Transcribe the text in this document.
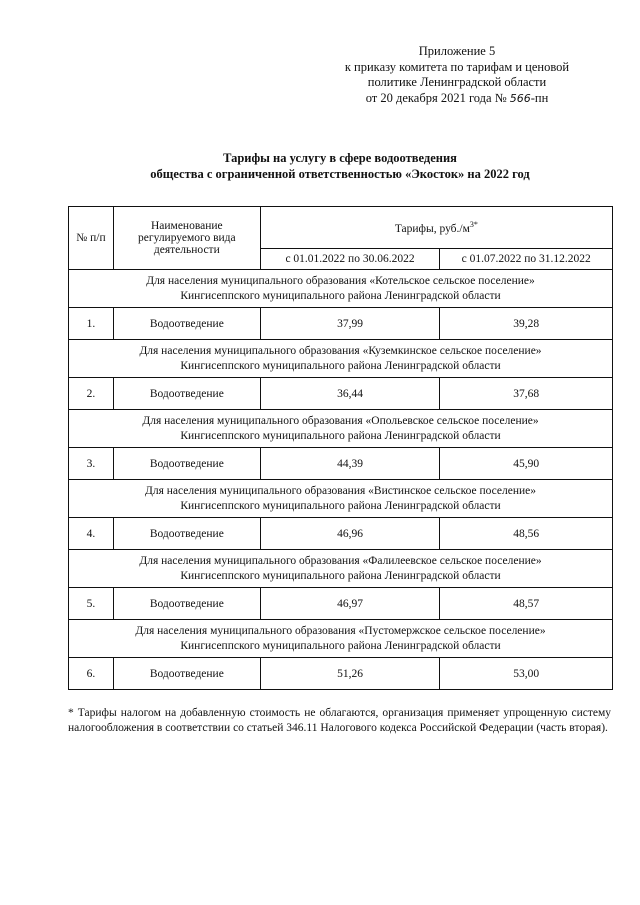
Приложение 5
к приказу комитета по тарифам и ценовой
политике Ленинградской области
от 20 декабря 2021 года № 566-пн
Тарифы на услугу в сфере водоотведения
общества с ограниченной ответственностью «Экосток» на 2022 год
№ п/п	Наименование регулируемого вида деятельности	Тарифы, $руб./м^{3*}$
		с 01.01.2022 по 30.06.2022	с 01.07.2022 по 31.12.2022

Для населения муниципального образования «Котельское сельское поселение»
Кингисеппского муниципального района Ленинградской области			

1.	Водоотведение	37,99	39,28

Для населения муниципального образования «Куземкинское сельское поселение»
Кингисеппского муниципального района Ленинградской области			

2.	Водоотведение	36,44	37,68

Для населения муниципального образования «Опольевское сельское поселение»
Кингисеппского муниципального района Ленинградской области			

3.	Водоотведение	44,39	45,90

Для населения муниципального образования «Вистинское сельское поселение»
Кингисеппского муниципального района Ленинградской области			

4.	Водоотведение	46,96	48,56

Для населения муниципального образования «Фалилеевское сельское поселение»
Кингисеппского муниципального района Ленинградской области			

5.	Водоотведение	46,97	48,57

Для населения муниципального образования «Пустомержское сельское поселение»
Кингисеппского муниципального района Ленинградской области			

6.	Водоотведение	51,26	53,00
* Тарифы налогом на добавленную стоимость не облагаются, организация применяет упрощенную систему налогообложения в соответствии со статьей 346.11 Налогового кодекса Российской Федерации (часть вторая).
